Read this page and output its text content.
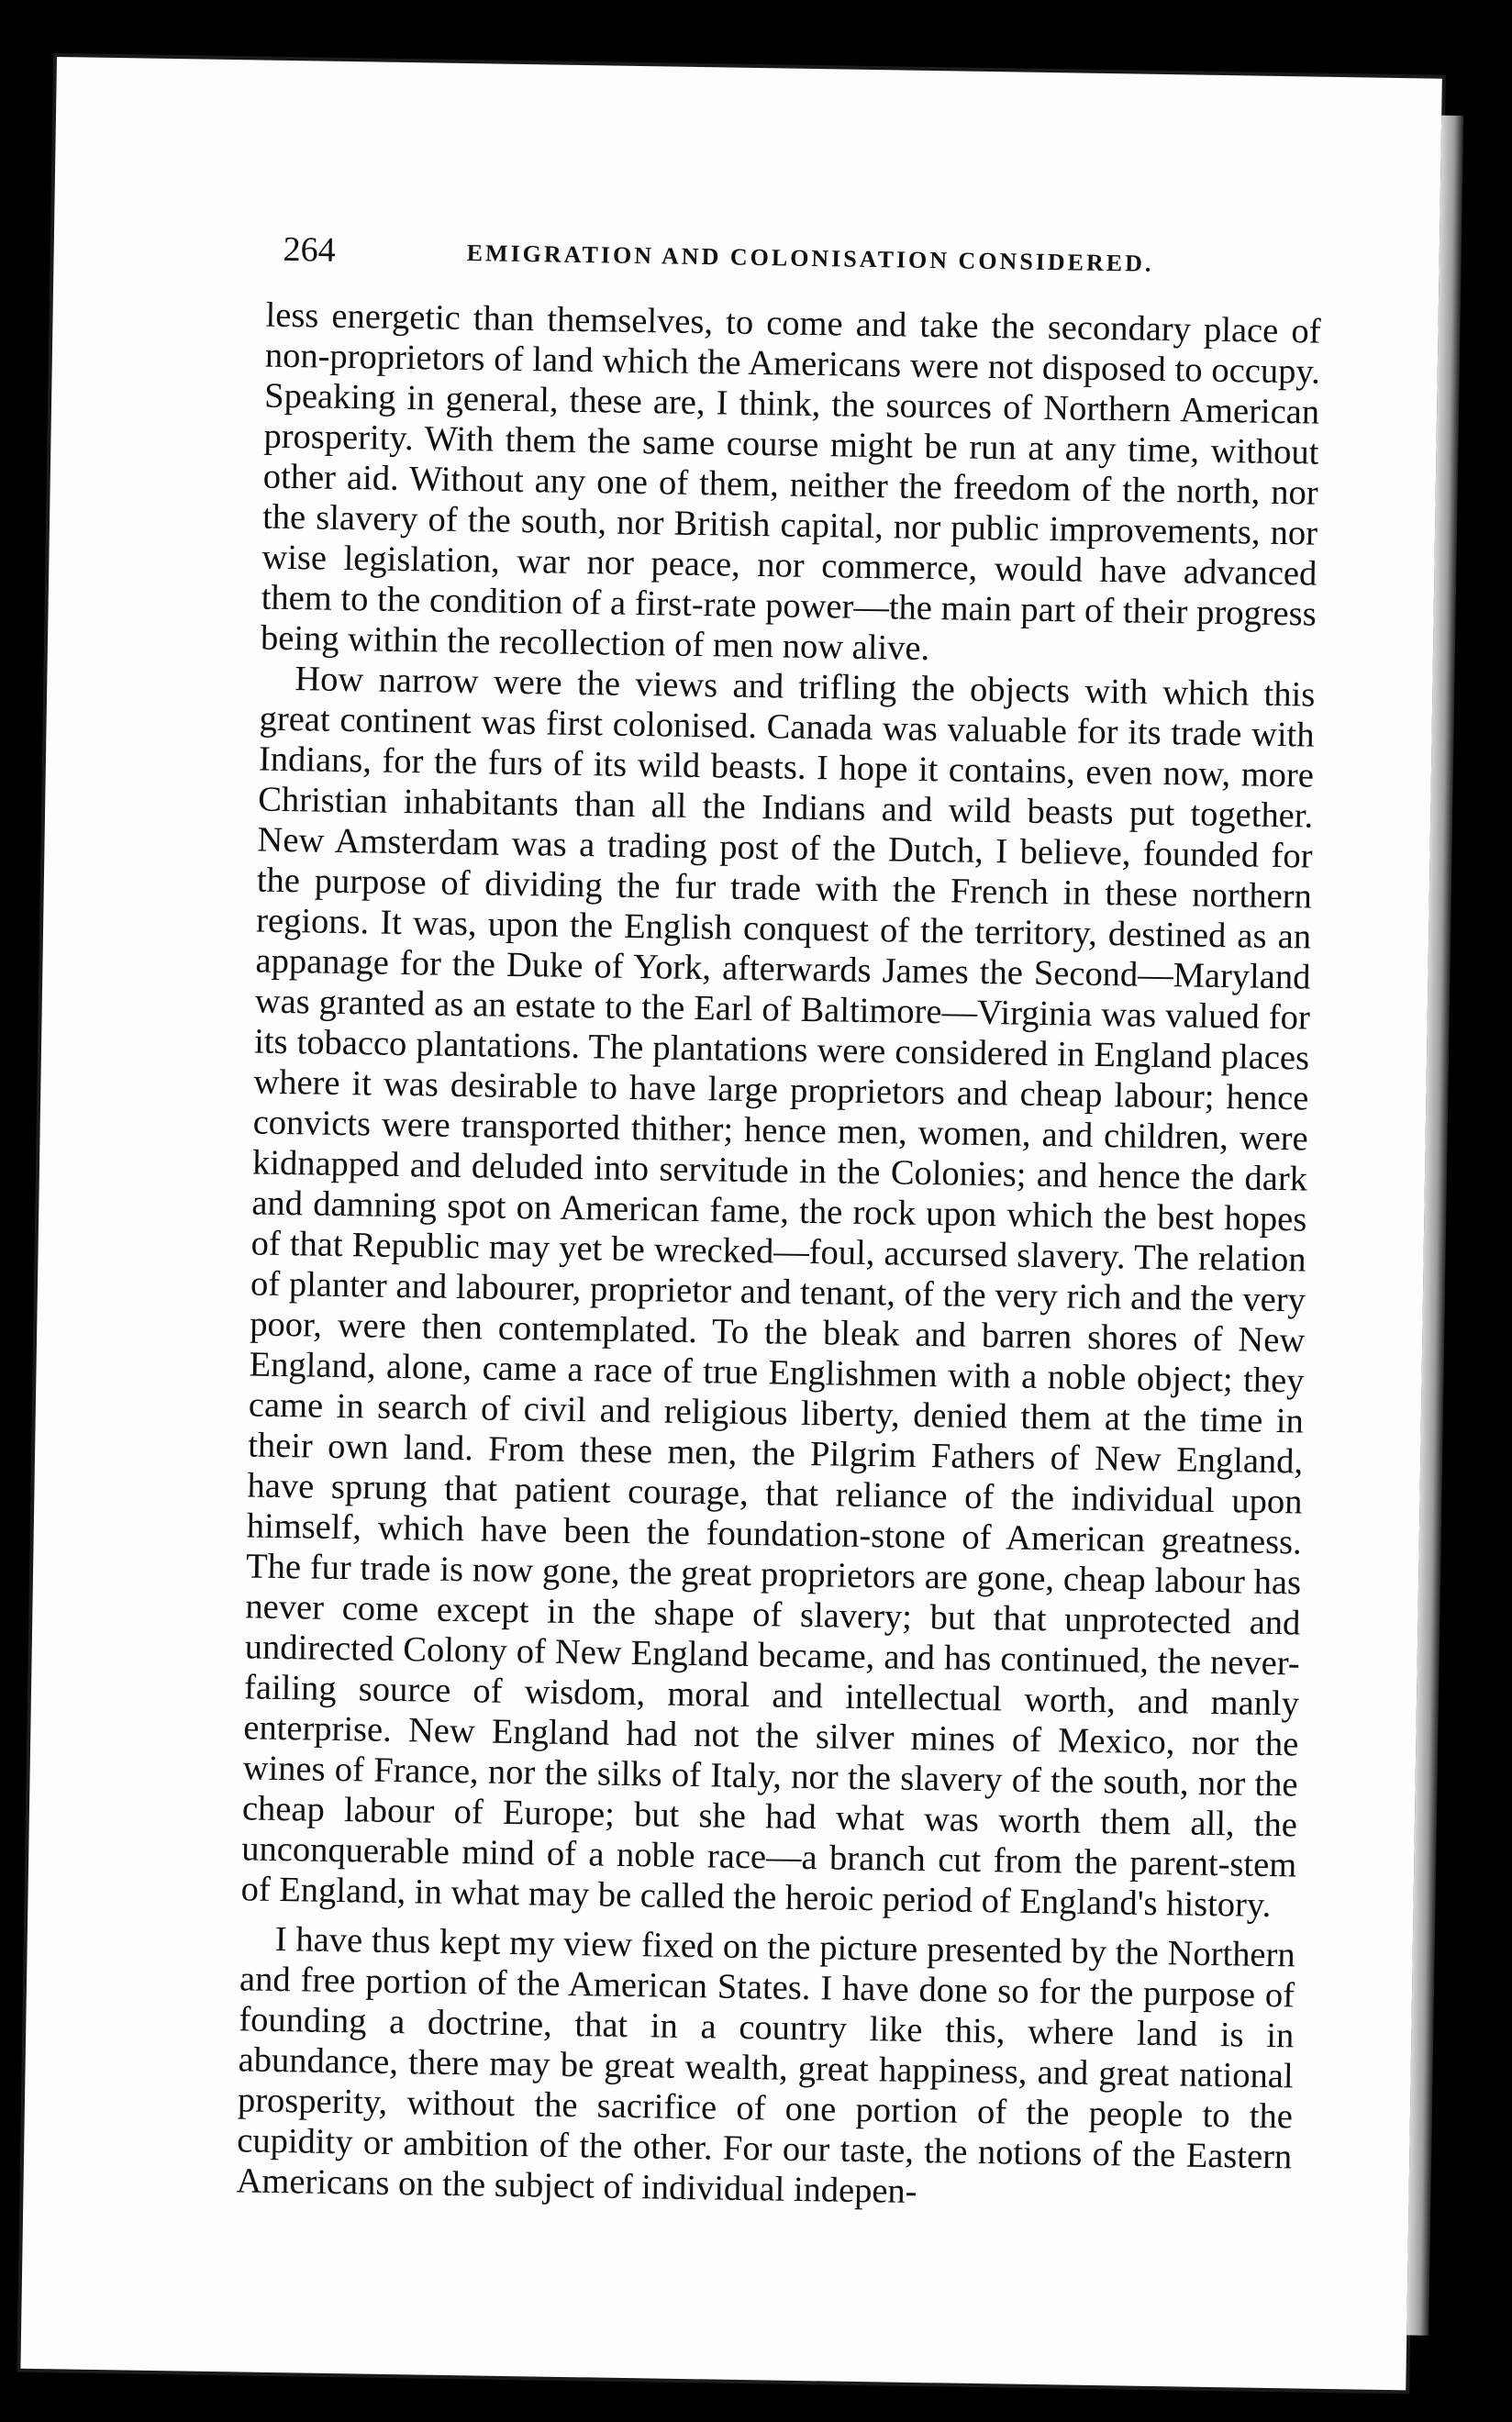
264	EMIGRATION AND COLONISATION CONSIDERED.

less energetic than themselves, to come and take the secondary place of non-proprietors of land which the Americans were not disposed to occupy. Speaking in general, these are, I think, the sources of Northern American prosperity. With them the same course might be run at any time, without other aid. Without any one of them, neither the freedom of the north, nor the slavery of the south, nor British capital, nor public improvements, nor wise legislation, war nor peace, nor commerce, would have advanced them to the condition of a first-rate power—the main part of their progress being within the recollection of men now alive.

How narrow were the views and trifling the objects with which this great continent was first colonised. Canada was valuable for its trade with Indians, for the furs of its wild beasts. I hope it contains, even now, more Christian inhabitants than all the Indians and wild beasts put together. New Amsterdam was a trading post of the Dutch, I believe, founded for the purpose of dividing the fur trade with the French in these northern regions. It was, upon the English conquest of the territory, destined as an appanage for the Duke of York, afterwards James the Second—Maryland was granted as an estate to the Earl of Baltimore—Virginia was valued for its tobacco plantations. The plantations were considered in England places where it was desirable to have large proprietors and cheap labour; hence convicts were transported thither; hence men, women, and children, were kidnapped and deluded into servitude in the Colonies; and hence the dark and damning spot on American fame, the rock upon which the best hopes of that Republic may yet be wrecked—foul, accursed slavery. The relation of planter and labourer, proprietor and tenant, of the very rich and the very poor, were then contemplated. To the bleak and barren shores of New England, alone, came a race of true Englishmen with a noble object; they came in search of civil and religious liberty, denied them at the time in their own land. From these men, the Pilgrim Fathers of New England, have sprung that patient courage, that reliance of the individual upon himself, which have been the foundation-stone of American greatness. The fur trade is now gone, the great proprietors are gone, cheap labour has never come except in the shape of slavery; but that unprotected and undirected Colony of New England became, and has continued, the never-failing source of wisdom, moral and intellectual worth, and manly enterprise. New England had not the silver mines of Mexico, nor the wines of France, nor the silks of Italy, nor the slavery of the south, nor the cheap labour of Europe; but she had what was worth them all, the unconquerable mind of a noble race—a branch cut from the parent-stem of England, in what may be called the heroic period of England's history.

I have thus kept my view fixed on the picture presented by the Northern and free portion of the American States. I have done so for the purpose of founding a doctrine, that in a country like this, where land is in abundance, there may be great wealth, great happiness, and great national prosperity, without the sacrifice of one portion of the people to the cupidity or ambition of the other. For our taste, the notions of the Eastern Americans on the subject of individual indepen-
